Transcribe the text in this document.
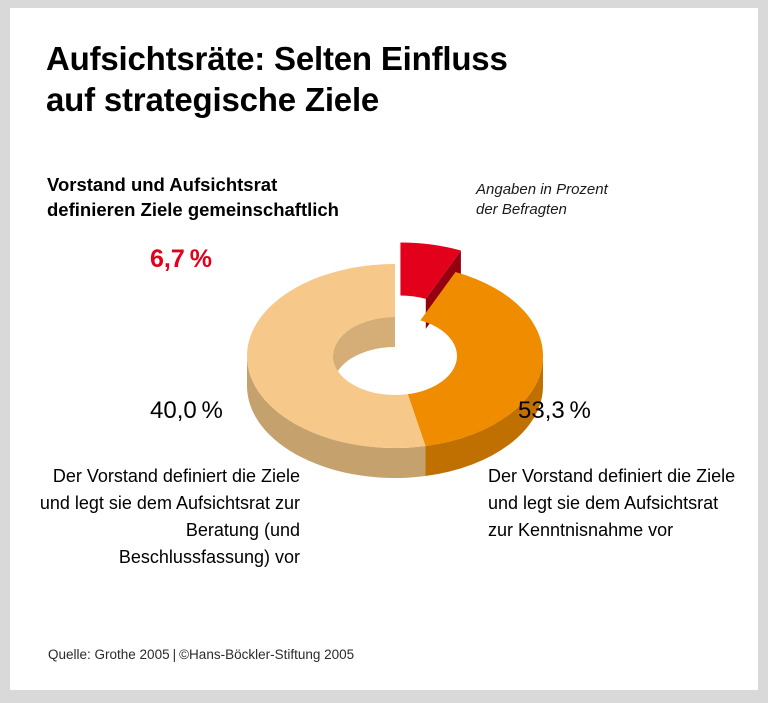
Aufsichtsräte: Selten Einfluss
auf strategische Ziele
Vorstand und Aufsichtsrat
definieren Ziele gemeinschaftlich
Angaben in Prozent
der Befragten
6,7 %
40,0 %	53,3 %
Der Vorstand definiert die Ziele und legt sie dem Aufsichtsrat zur Beratung (und Beschlussfassung) vor
Der Vorstand definiert die Ziele und legt sie dem Aufsichtsrat zur Kenntnisnahme vor
Quelle: Grothe 2005 | ©Hans-Böckler-Stiftung 2005
